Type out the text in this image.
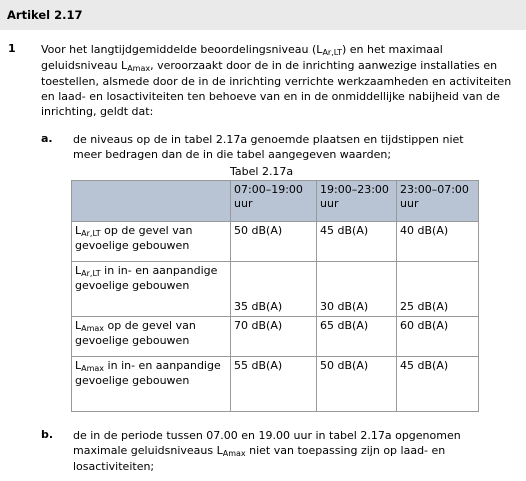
Artikel 2.17
1 Voor het langtijdgemiddelde beoordelingsniveau (LAr,LT) en het maximaal geluidsniveau LAmax, veroorzaakt door de in de inrichting aanwezige installaties en toestellen, alsmede door de in de inrichting verrichte werkzaamheden en activiteiten en laad- en losactiviteiten ten behoeve van en in de onmiddellijke nabijheid van de inrichting, geldt dat:
a. de niveaus op de in tabel 2.17a genoemde plaatsen en tijdstippen niet meer bedragen dan de in die tabel aangegeven waarden;
Tabel 2.17a
	07:00–19:00 uur	19:00–23:00 uur	23:00–07:00 uur
LAr,LT op de gevel van gevoelige gebouwen	50 dB(A)	45 dB(A)	40 dB(A)
LAr,LT in in- en aanpandige gevoelige gebouwen	35 dB(A)	30 dB(A)	25 dB(A)
LAmax op de gevel van gevoelige gebouwen	70 dB(A)	65 dB(A)	60 dB(A)
LAmax in in- en aanpandige gevoelige gebouwen	55 dB(A)	50 dB(A)	45 dB(A)
b. de in de periode tussen 07.00 en 19.00 uur in tabel 2.17a opgenomen maximale geluidsniveaus LAmax niet van toepassing zijn op laad- en losactiviteiten;
